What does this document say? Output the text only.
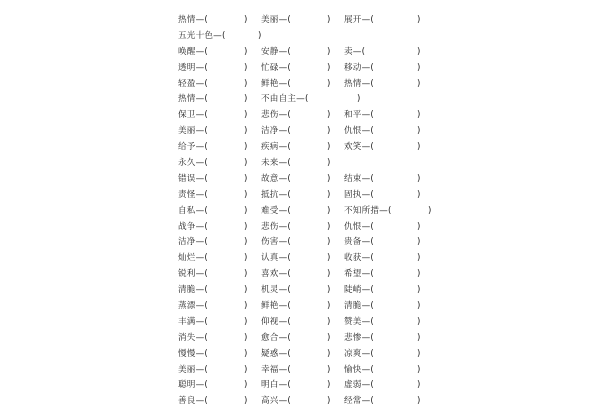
热情—(	) 美丽—(	) 展开—(	)
五光十色—(	)
唤醒—(	) 安静—(	) 卖—(	)
透明—(	) 忙碌—(	) 移动—(	)
轻盈—(	) 鲜艳—(	) 热情—(	)
热情—(	) 不由自主—(	)
保卫—(	) 悲伤—(	) 和平—(	)
美丽—(	) 洁净—(	) 仇恨—(	)
给予—(	) 疾病—(	) 欢笑—(	)
永久—(	) 未来—(	)
错误—(	) 故意—(	) 结束—(	)
责怪—(	) 抵抗—(	) 固执—(	)
自私—(	) 难受—(	) 不知所措—(	)
战争—(	) 悲伤—(	) 仇恨—(	)
洁净—(	) 伤害—(	) 贵备—(	)
灿烂—(	) 认真—(	) 收获—(	)
锐利—(	) 喜欢—(	) 希望—(	)
清脆—(	) 机灵—(	) 陡峭—(	)
蒸漂—(	) 鲜艳—(	) 清脆—(	)
丰满—(	) 仰视—(	) 赞美—(	)
消失—(	) 愈合—(	) 悲惨—(	)
慢慢—(	) 疑惑—(	) 凉爽—(	)
美丽—(	) 幸福—(	) 愉快—(	)
聪明—(	) 明白—(	) 虚弱—(	)
善良—(	) 高兴—(	) 经常—(	)
